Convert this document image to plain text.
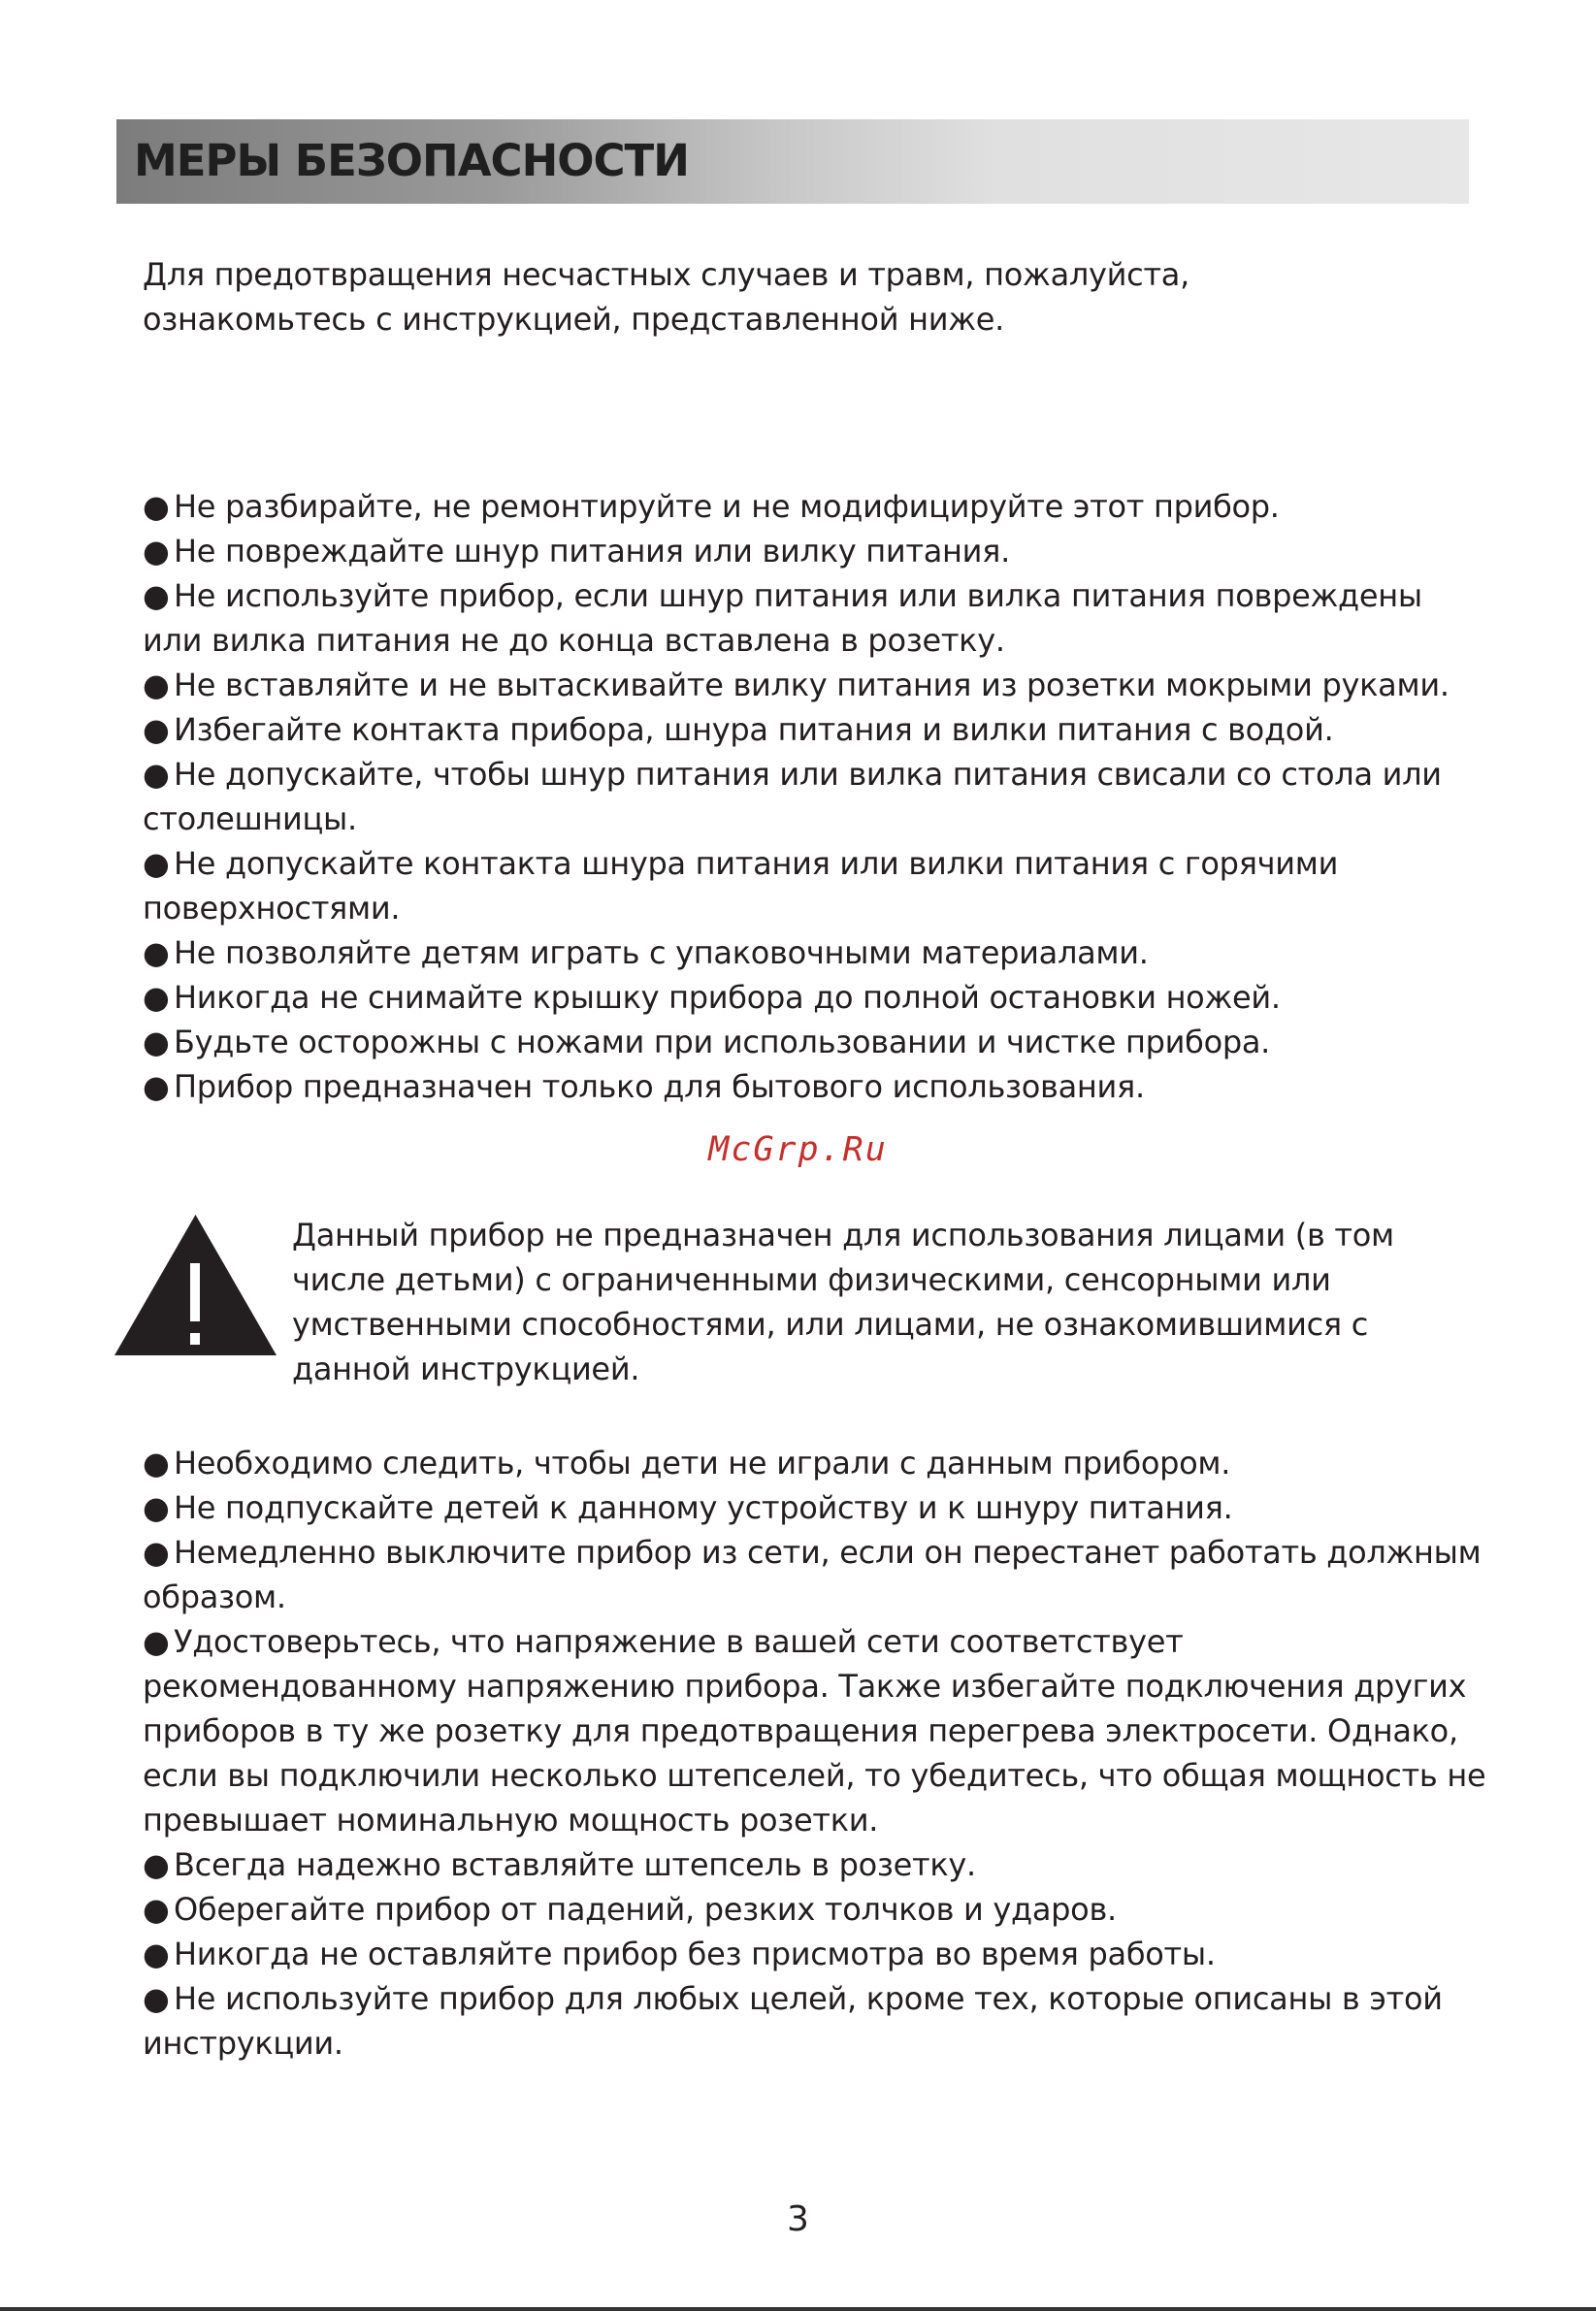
МЕРЫ БЕЗОПАСНОСТИ

Для предотвращения несчастных случаев и травм, пожалуйста,
ознакомьтесь с инструкцией, представленной ниже.

● Не разбирайте, не ремонтируйте и не модифицируйте этот прибор.
● Не повреждайте шнур питания или вилку питания.
● Не используйте прибор, если шнур питания или вилка питания повреждены или вилка питания не до конца вставлена в розетку.
● Не вставляйте и не вытаскивайте вилку питания из розетки мокрыми руками.
● Избегайте контакта прибора, шнура питания и вилки питания с водой.
● Не допускайте, чтобы шнур питания или вилка питания свисали со стола или столешницы.
● Не допускайте контакта шнура питания или вилки питания с горячими поверхностями.
● Не позволяйте детям играть с упаковочными материалами.
● Никогда не снимайте крышку прибора до полной остановки ножей.
● Будьте осторожны с ножами при использовании и чистке прибора.
● Прибор предназначен только для бытового использования.
McGrp.Ru

Данный прибор не предназначен для использования лицами (в том
числе детьми) с ограниченными физическими, сенсорными или
умственными способностями, или лицами, не ознакомившимися с
данной инструкцией.

● Необходимо следить, чтобы дети не играли с данным прибором.
● Не подпускайте детей к данному устройству и к шнуру питания.
● Немедленно выключите прибор из сети, если он перестанет работать должным образом.
● Удостоверьтесь, что напряжение в вашей сети соответствует рекомендованному напряжению прибора. Также избегайте подключения других приборов в ту же розетку для предотвращения перегрева электросети. Однако, если вы подключили несколько штепселей, то убедитесь, что общая мощность не превышает номинальную мощность розетки.
● Всегда надежно вставляйте штепсель в розетку.
● Оберегайте прибор от падений, резких толчков и ударов.
● Никогда не оставляйте прибор без присмотра во время работы.
● Не используйте прибор для любых целей, кроме тех, которые описаны в этой инструкции.
3
